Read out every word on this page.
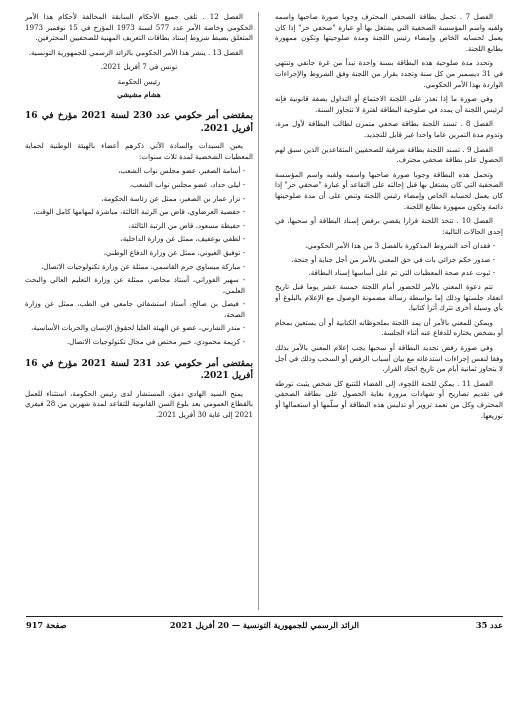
الفصل 7 . تحمل بطاقة الصحفي المحترف وجوبا صورة صاحبها واسمه ولقبه واسم المؤسسة الصحفية التي يشتغل بها أو عبارة "صحفي حر" إذا كان يعمل لحسابه الخاص وإمضاء رئيس اللجنة ومدة صلوحيتها وتكون ممهورة بطابع اللجنة.

وتحدد مدة صلوحية هذه البطاقة بسنة واحدة تبدأ من غرة جانفي وتنتهي في 31 ديسمبر من كل سنة وتجدد بقرار من اللجنة وفق الشروط والإجراءات الواردة بهذا الأمر الحكومي.

وفي صورة ما إذا تعذر على اللجنة الاجتماع أو التداول بصفة قانونية فإنه لرئيس اللجنة أن يمدد في صلوحية البطاقة لفترة لا تتجاوز السنة.

الفصل 8 . تسند اللجنة بطاقة صحفي متمرن لطالب البطاقة لأول مرة، وتدوم مدة التمرين عاما واحدا غير قابل للتجديد.

الفصل 9 . تسند اللجنة بطاقة شرفية للصحفيين المتقاعدين الذين سبق لهم الحصول على بطاقة صحفي محترف.

وتحمل هذه البطاقة وجوبا صورة صاحبها واسمه ولقبه واسم المؤسسة الصحفية التي كان يشتغل بها قبل إحالته على التقاعد أو عبارة "صحفي حر" إذا كان يعمل لحسابه الخاص وإمضاء رئيس اللجنة وتنص على أن مدة صلوحيتها دائمة وتكون ممهورة بطابع اللجنة.

الفصل 10 . تتخذ اللجنة قرارا يقضي برفض إسناد البطاقة أو سحبها، في إحدى الحالات التالية:

- فقدان أحد الشروط المذكورة بالفصل 3 من هذا الأمر الحكومي،

- صدور حكم جزائي بات في حق المعني بالأمر من أجل جناية أو جنحة،

- ثبوت عدم صحة المعطيات التي تم على أساسها إسناد البطاقة.

تتم دعوة المعني بالأمر للحضور أمام اللجنة خمسة عشر يوما قبل تاريخ انعقاد جلستها وذلك إما بواسطة رسالة مضمونة الوصول مع الإعلام بالبلوغ أو بأي وسيلة أخرى تترك أثرا كتابيا.

ويمكن للمعني بالأمر أن يمد اللجنة بملحوظاته الكتابية أو أن يستعين بمحام أو بشخص يختاره للدفاع عنه أثناء الجلسة.

وفي صورة رفض تجديد البطاقة أو سحبها يجب إعلام المعني بالأمر بذلك وفقا لنفس إجراءات استدعائه مع بيان أسباب الرفض أو السحب وذلك في أجل لا يتجاوز ثمانية أيام من تاريخ اتخاذ القرار.

الفصل 11 . يمكن للجنة اللجوء، إلى القضاء للتتبع كل شخص يثبت تورطه في تقديم تصاريح أو شهادات مزورة بغاية الحصول على بطاقة الصحفي المحترف وكل من تعمد تزوير أو تدليس هذه البطاقة أو سلّمها أو استعمالها أو توزيعها.

الفصل 12 . تلغى جميع الأحكام السابقة المخالفة لأحكام هذا الأمر الحكومي وخاصة الأمر عدد 577 لسنة 1973 المؤرخ في 15 نوفمبر 1973 المتعلق بضبط شروط إسناد بطاقات التعريف المهنية للصحفيين المحترفين.

الفصل 13 . ينشر هذا الأمر الحكومي بالرائد الرسمي للجمهورية التونسية.

تونس في 7 أفريل 2021.

رئيس الحكومة

هشام مشيشي

بمقتضى أمر حكومي عدد 230 لسنة 2021 مؤرخ في 16 أفريل 2021.

يعين السيدات والسادة الآتي ذكرهم أعضاء بالهيئة الوطنية لحماية المعطيات الشخصية لمدة ثلاث سنوات:

- أسامة الصغير، عضو مجلس نواب الشعب،

- ليلى حداد، عضو مجلس نواب الشعب،

- نزار عمار بن الصغير، ممثل عن رئاسة الحكومة،

- حفصية العرضاوي، قاض من الرتبة الثالثة، مباشرة لمهامها كامل الوقت،

- حفيظة مسعود، قاض من الرتبة الثالثة،

- لطفي بوعفيف، ممثل عن وزارة الداخلية،

- توفيق العيوني، ممثل عن وزارة الدفاع الوطني،

- مباركة ميساوي حرم القاسمي، ممثلة عن وزارة تكنولوجيات الاتصال،

- سهير الفوراتي، أستاذ محاضر، ممثلة عن وزارة التعليم العالي والبحث العلمي،

- فيصل بن صالح، أستاذ استشفائي جامعي في الطب، ممثل عن وزارة الصحة،

- منذر الشارني، عضو عن الهيئة العليا لحقوق الإنسان والحريات الأساسية،

- كريمة محمودي، خبير مختص في مجال تكنولوجيات الاتصال.

بمقتضى أمر حكومي عدد 231 لسنة 2021 مؤرخ في 16 أفريل 2021.

يمنح السيد الهادي دمق، المستشار لدى رئيس الحكومة، استثناء للعمل بالقطاع العمومي بعد بلوغ السن القانونية للتقاعد لمدة شهرين من 28 فيفري 2021 إلى غاية 30 أفريل 2021.

عدد 35
الرائد الرسمي للجمهورية التونسية — 20 أفريل 2021
صفحة 917
